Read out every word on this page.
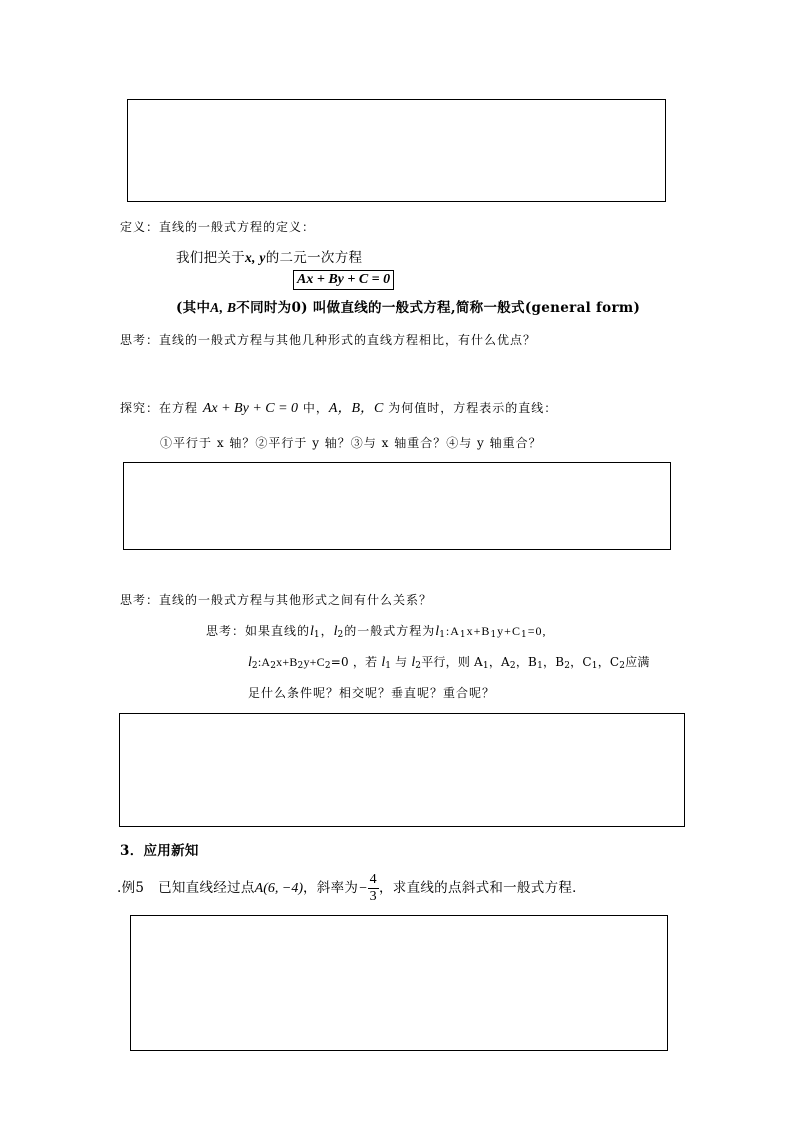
定义：直线的一般式方程的定义：
我们把关于x, y的二元一次方程
Ax + By + C = 0
(其中A, B不同时为0) 叫做直线的一般式方程,简称一般式(general form)
思考：直线的一般式方程与其他几种形式的直线方程相比，有什么优点？
探究：在方程 Ax + By + C = 0 中，A，B，C 为何值时，方程表示的直线：
①平行于 x 轴？②平行于 y 轴？③与 x 轴重合？④与 y 轴重合？
思考：直线的一般式方程与其他形式之间有什么关系？
思考：如果直线的$l_1$，$l_2$的一般式方程为$l_1:A_1x+B_1y+C_1=0$,
$l_2:A_2x+B_2y+C_2=0$ ，若 $l_1$ 与 $l_2$平行，则 $A_1$，$A_2$，$B_1$，$B_2$，$C_1$，$C_2$应满
足什么条件呢？相交呢？垂直呢？重合呢？
3．应用新知
.例5 已知直线经过点A(6, −4)，斜率为− $\frac{4}{3}$ ，求直线的点斜式和一般式方程．
